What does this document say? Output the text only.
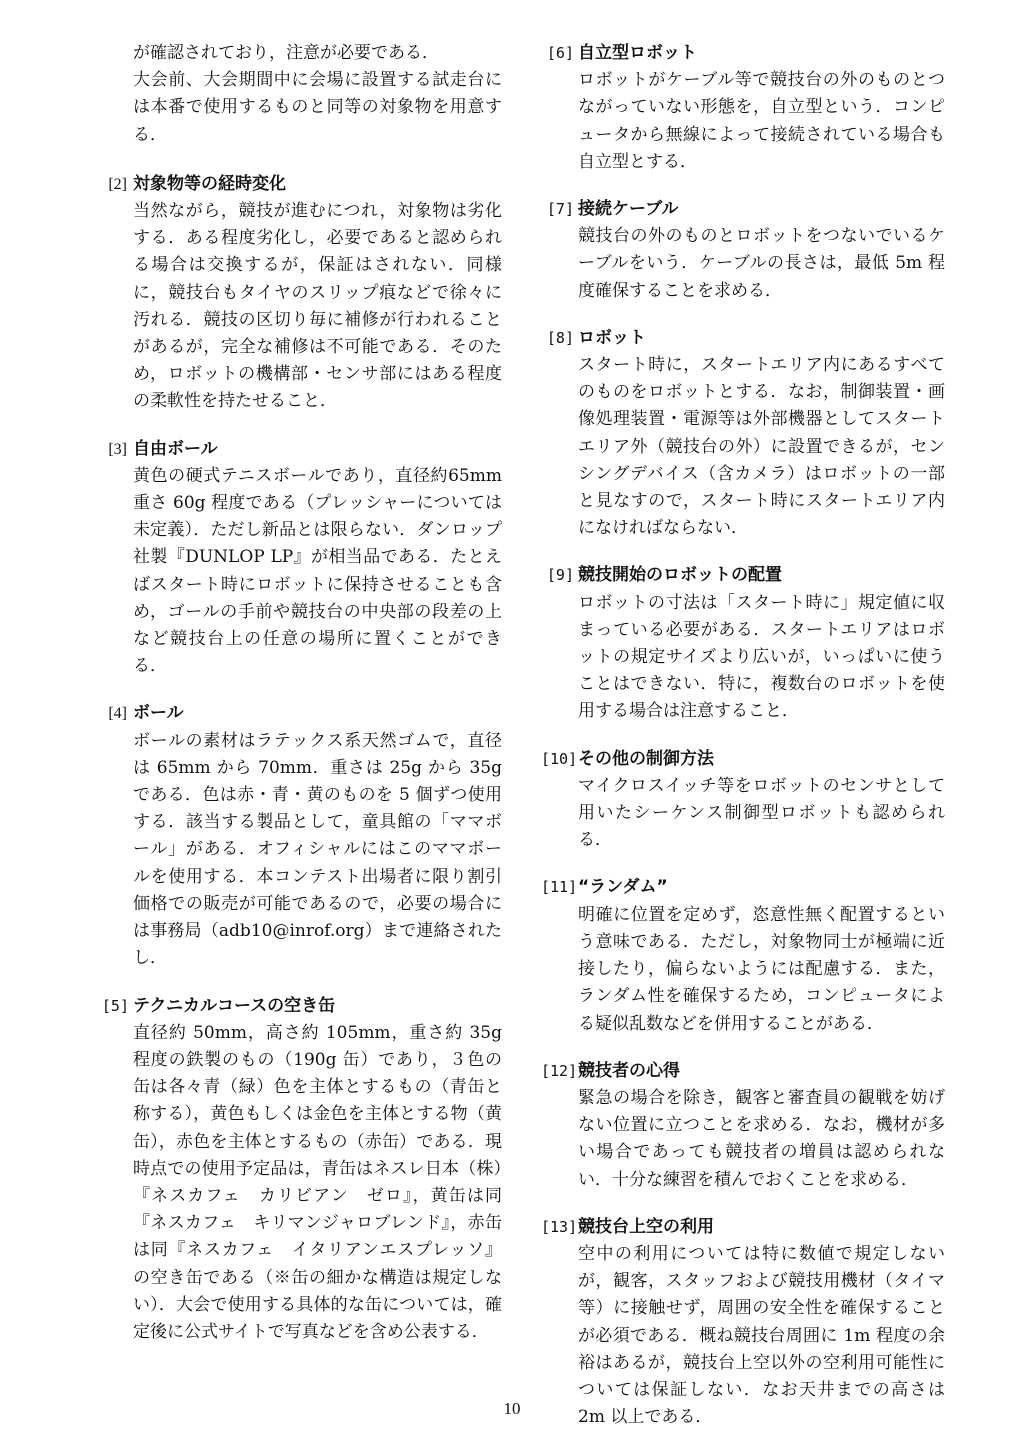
が確認されており，注意が必要である．

大会前、大会期間中に会場に設置する試走台には本番で使用するものと同等の対象物を用意する．

[2] 対象物等の経時変化

当然ながら，競技が進むにつれ，対象物は劣化する．ある程度劣化し，必要であると認められる場合は交換するが，保証はされない．同様に，競技台もタイヤのスリップ痕などで徐々に汚れる．競技の区切り毎に補修が行われることがあるが，完全な補修は不可能である．そのため，ロボットの機構部・センサ部にはある程度の柔軟性を持たせること．

[3] 自由ボール

黄色の硬式テニスボールであり，直径約65mm 重さ 60g 程度である（プレッシャーについては未定義）．ただし新品とは限らない．ダンロップ社製『DUNLOP LP』が相当品である．たとえばスタート時にロボットに保持させることも含め，ゴールの手前や競技台の中央部の段差の上など競技台上の任意の場所に置くことができる．

[4] ボール

ボールの素材はラテックス系天然ゴムで，直径は 65mm から 70mm．重さは 25g から 35g である．色は赤・青・黄のものを 5 個ずつ使用する．該当する製品として，童具館の「ママボール」がある．オフィシャルにはこのママボールを使用する．本コンテスト出場者に限り割引価格での販売が可能であるので，必要の場合には事務局（adb10@inrof.org）まで連絡されたし．

[5] テクニカルコースの空き缶

直径約 50mm，高さ約 105mm，重さ約 35g 程度の鉄製のもの（190g 缶）であり，３色の缶は各々青（緑）色を主体とするもの（青缶と称する），黄色もしくは金色を主体とする物（黄缶），赤色を主体とするもの（赤缶）である．現時点での使用予定品は，青缶はネスレ日本（株）『ネスカフェ　カリビアン　ゼロ』，黄缶は同『ネスカフェ　キリマンジャロブレンド』，赤缶は同『ネスカフェ　イタリアンエスプレッソ』の空き缶である（※缶の細かな構造は規定しない）．大会で使用する具体的な缶については，確定後に公式サイトで写真などを含め公表する．

[6] 自立型ロボット

ロボットがケーブル等で競技台の外のものとつながっていない形態を，自立型という．コンピュータから無線によって接続されている場合も自立型とする．

[7] 接続ケーブル

競技台の外のものとロボットをつないでいるケーブルをいう．ケーブルの長さは，最低 5m 程度確保することを求める．

[8] ロボット

スタート時に，スタートエリア内にあるすべてのものをロボットとする．なお，制御装置・画像処理装置・電源等は外部機器としてスタートエリア外（競技台の外）に設置できるが，センシングデバイス（含カメラ）はロボットの一部と見なすので，スタート時にスタートエリア内になければならない．

[9] 競技開始のロボットの配置

ロボットの寸法は「スタート時に」規定値に収まっている必要がある．スタートエリアはロボットの規定サイズより広いが，いっぱいに使うことはできない．特に，複数台のロボットを使用する場合は注意すること．

[10] その他の制御方法

マイクロスイッチ等をロボットのセンサとして用いたシーケンス制御型ロボットも認められる．

[11] “ランダム”

明確に位置を定めず，恣意性無く配置するという意味である．ただし，対象物同士が極端に近接したり，偏らないようには配慮する．また，ランダム性を確保するため，コンピュータによる疑似乱数などを併用することがある．

[12] 競技者の心得

緊急の場合を除き，観客と審査員の観戦を妨げない位置に立つことを求める．なお，機材が多い場合であっても競技者の増員は認められない．十分な練習を積んでおくことを求める．

[13] 競技台上空の利用

空中の利用については特に数値で規定しないが，観客，スタッフおよび競技用機材（タイマ等）に接触せず，周囲の安全性を確保することが必須である．概ね競技台周囲に 1m 程度の余裕はあるが，競技台上空以外の空利用可能性については保証しない．なお天井までの高さは 2m 以上である．

10
